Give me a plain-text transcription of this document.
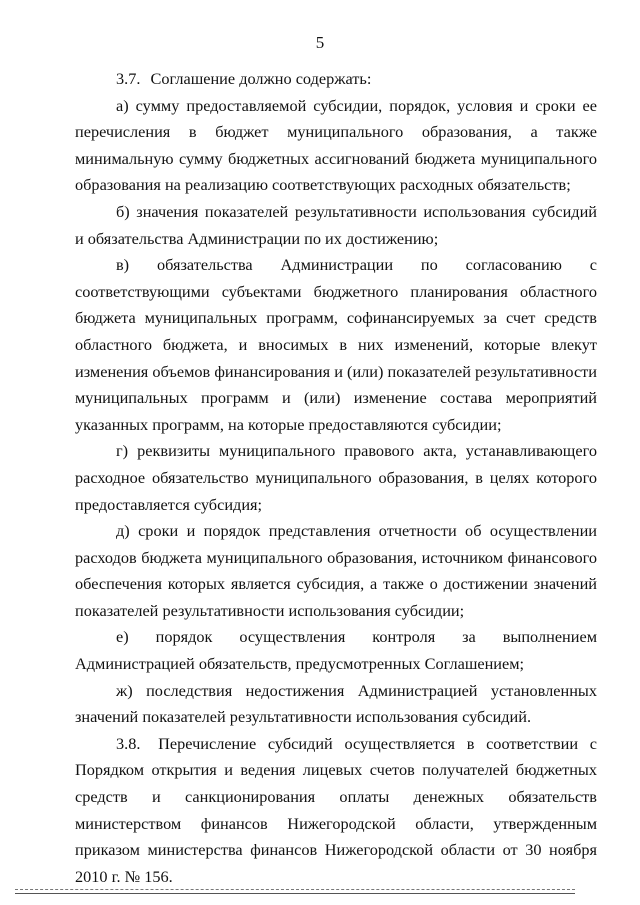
5

3.7. Соглашение должно содержать:

а) сумму предоставляемой субсидии, порядок, условия и сроки ее перечисления в бюджет муниципального образования, а также минимальную сумму бюджетных ассигнований бюджета муниципального образования на реализацию соответствующих расходных обязательств;

б) значения показателей результативности использования субсидий и обязательства Администрации по их достижению;

в) обязательства Администрации по согласованию с соответствующими субъектами бюджетного планирования областного бюджета муниципальных программ, софинансируемых за счет средств областного бюджета, и вносимых в них изменений, которые влекут изменения объемов финансирования и (или) показателей результативности муниципальных программ и (или) изменение состава мероприятий указанных программ, на которые предоставляются субсидии;

г) реквизиты муниципального правового акта, устанавливающего расходное обязательство муниципального образования, в целях которого предоставляется субсидия;

д) сроки и порядок представления отчетности об осуществлении расходов бюджета муниципального образования, источником финансового обеспечения которых является субсидия, а также о достижении значений показателей результативности использования субсидии;

е) порядок осуществления контроля за выполнением Администрацией обязательств, предусмотренных Соглашением;

ж) последствия недостижения Администрацией установленных значений показателей результативности использования субсидий.

3.8. Перечисление субсидий осуществляется в соответствии с Порядком открытия и ведения лицевых счетов получателей бюджетных средств и санкционирования оплаты денежных обязательств министерством финансов Нижегородской области, утвержденным приказом министерства финансов Нижегородской области от 30 ноября 2010 г. № 156.
